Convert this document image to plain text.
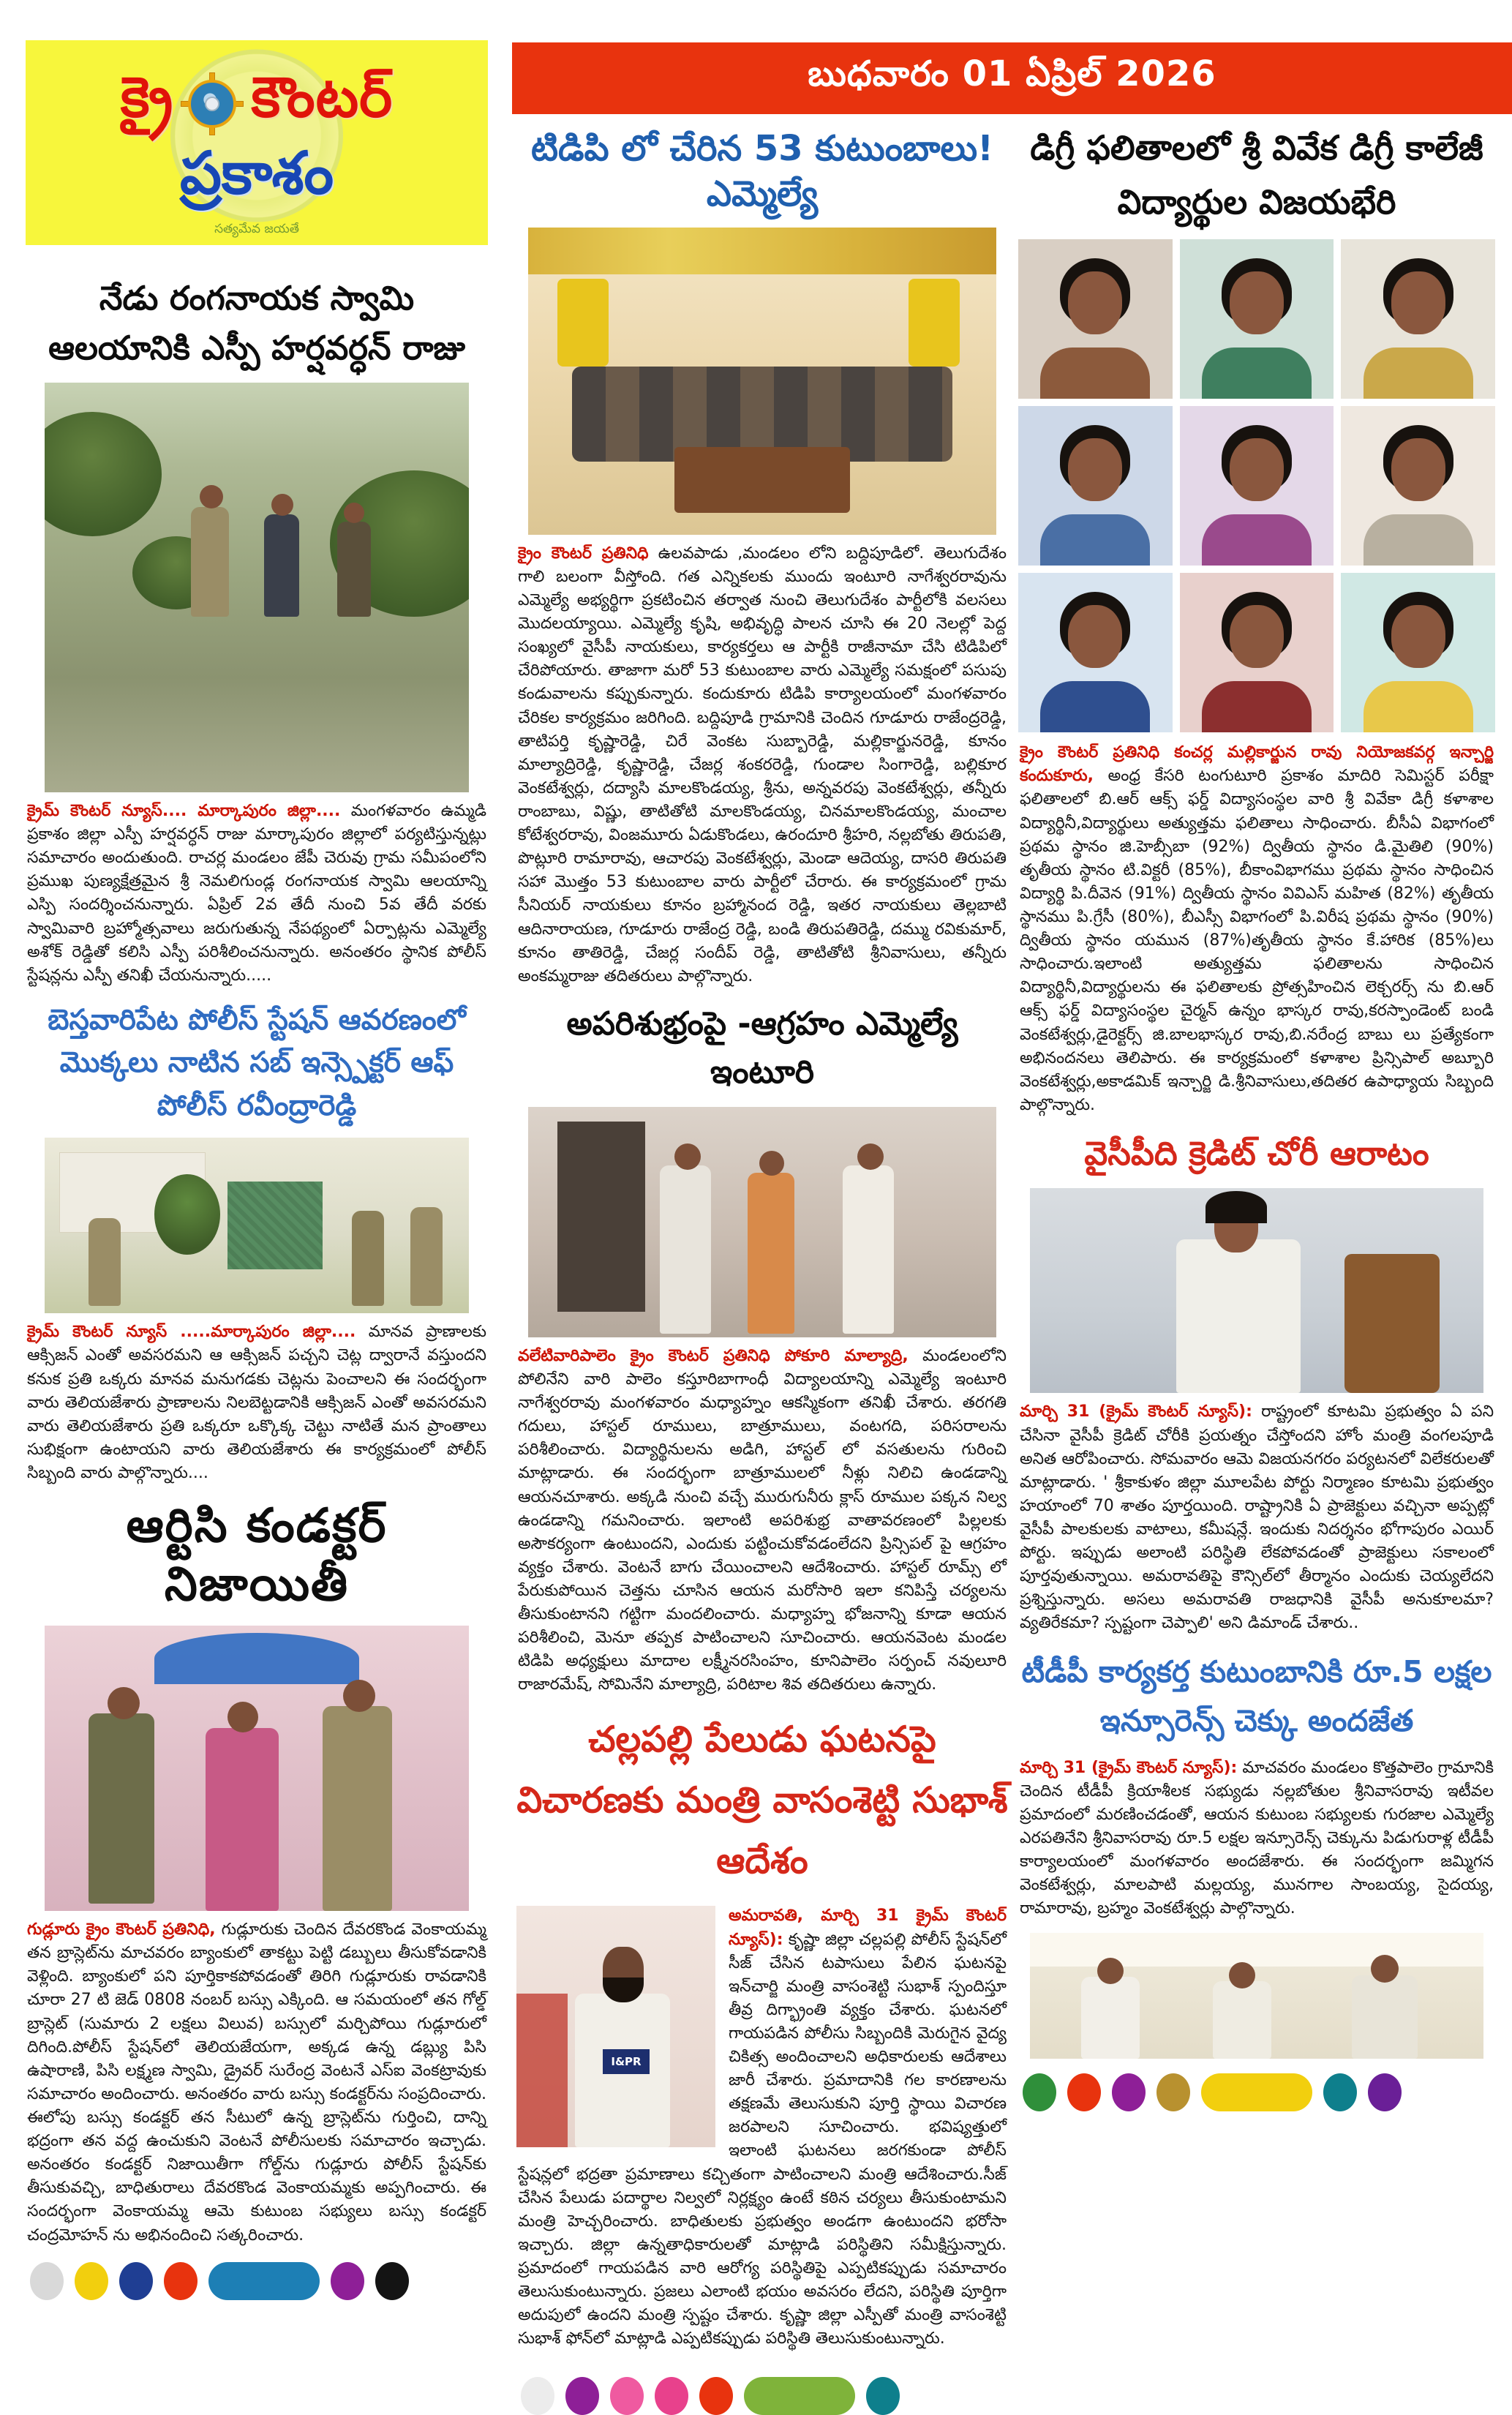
క్రై కౌంటర్
ప్రకాశం
సత్యమేవ జయతే
బుధవారం 01 ఏప్రిల్ 2026
నేడు రంగనాయక స్వామి ఆలయానికి ఎస్పీ హర్షవర్ధన్ రాజు

క్రైమ్ కౌంటర్ న్యూస్.... మార్కాపురం జిల్లా.... మంగళవారం ఉమ్మడి ప్రకాశం జిల్లా ఎస్పీ హర్షవర్ధన్ రాజు మార్కాపురం జిల్లాలో పర్యటిస్తున్నట్లు సమాచారం అందుతుంది. రాచర్ల మండలం జేపీ చెరువు గ్రామ సమీపంలోని ప్రముఖ పుణ్యక్షేత్రమైన శ్రీ నెమలిగుండ్ల రంగనాయక స్వామి ఆలయాన్ని ఎస్పి సందర్శించనున్నారు. ఏప్రిల్ 2వ తేదీ నుంచి 5వ తేదీ వరకు స్వామివారి బ్రహ్మోత్సవాలు జరుగుతున్న నేపథ్యంలో ఏర్పాట్లను ఎమ్మెల్యే అశోక్ రెడ్డితో కలిసి ఎస్పీ పరిశీలించనున్నారు. అనంతరం స్థానిక పోలీస్ స్టేషన్లను ఎస్పీ తనిఖీ చేయనున్నారు.....

బెస్తవారిపేట పోలీస్ స్టేషన్ ఆవరణంలో మొక్కలు నాటిన సబ్ ఇన్స్పెక్టర్ ఆఫ్ పోలీస్ రవీంద్రారెడ్డి

క్రైమ్ కౌంటర్ న్యూస్ .....మార్కాపురం జిల్లా.... మానవ ప్రాణాలకు ఆక్సిజన్ ఎంతో అవసరమని ఆ ఆక్సిజన్ పచ్చని చెట్ల ద్వారానే వస్తుందని కనుక ప్రతి ఒక్కరు మానవ మనుగడకు చెట్లను పెంచాలని ఈ సందర్భంగా వారు తెలియజేశారు ప్రాణాలను నిలబెట్టడానికి ఆక్సిజన్ ఎంతో అవసరమని వారు తెలియజేశారు ప్రతి ఒక్కరూ ఒక్కొక్క చెట్టు నాటితే మన ప్రాంతాలు సుభిక్షంగా ఉంటాయని వారు తెలియజేశారు ఈ కార్యక్రమంలో పోలీస్ సిబ్బంది వారు పాల్గొన్నారు....

ఆర్టిసి కండక్టర్ నిజాయితీ

గుడ్లూరు క్రైం కౌంటర్ ప్రతినిధి, గుడ్లూరుకు చెందిన దేవరకొండ వెంకాయమ్మ తన బ్రాస్లెట్‌ను మాచవరం బ్యాంకులో తాకట్టు పెట్టి డబ్బులు తీసుకోవడానికి వెళ్లింది. బ్యాంకులో పని పూర్తికాకపోవడంతో తిరిగి గుడ్లూరుకు రావడానికి చూరా 27 టి జెడ్ 0808 నంబర్ బస్సు ఎక్కింది. ఆ సమయంలో తన గోల్డ్ బ్రాస్లెట్ (సుమారు 2 లక్షలు విలువ) బస్సులో మర్చిపోయి గుడ్లూరులో దిగింది.పోలీస్ స్టేషన్‌లో తెలియజేయగా, అక్కడ ఉన్న డబ్ల్యు పిసి ఉషారాణి, పిసి లక్ష్మణ స్వామి, డ్రైవర్ సురేంద్ర వెంటనే ఎస్ఐ వెంకట్రావుకు సమాచారం అందించారు. అనంతరం వారు బస్సు కండక్టర్‌ను సంప్రదించారు. ఈలోపు బస్సు కండక్టర్ తన సీటులో ఉన్న బ్రాస్లెట్‌ను గుర్తించి, దాన్ని భద్రంగా తన వద్ద ఉంచుకుని వెంటనే పోలీసులకు సమాచారం ఇచ్చాడు. అనంతరం కండక్టర్ నిజాయితీగా గోల్డ్‌ను గుడ్లూరు పోలీస్ స్టేషన్‌కు తీసుకువచ్చి, బాధితురాలు దేవరకొండ వెంకాయమ్మకు అప్పగించారు. ఈ సందర్భంగా వెంకాయమ్మ ఆమె కుటుంబ సభ్యులు బస్సు కండక్టర్ చంద్రమోహన్ ను అభినందించి సత్కరించారు.

టిడిపి లో చేరిన 53 కుటుంబాలు!ఎమ్మెల్యే

క్రైం కౌంటర్ ప్రతినిధి ఉలవపాడు ,మండలం లోని బద్దిపూడిలో. తెలుగుదేశం గాలి బలంగా వీస్తోంది. గత ఎన్నికలకు ముందు ఇంటూరి నాగేశ్వరరావును ఎమ్మెల్యే అభ్యర్థిగా ప్రకటించిన తర్వాత నుంచి తెలుగుదేశం పార్టీలోకి వలసలు మొదలయ్యాయి. ఎమ్మెల్యే కృషి, అభివృద్ధి పాలన చూసి ఈ 20 నెలల్లో పెద్ద సంఖ్యలో వైసీపీ నాయకులు, కార్యకర్తలు ఆ పార్టీకి రాజీనామా చేసి టిడిపిలో చేరిపోయారు. తాజాగా మరో 53 కుటుంబాల వారు ఎమ్మెల్యే సమక్షంలో పసుపు కండువాలను కప్పుకున్నారు. కందుకూరు టిడిపి కార్యాలయంలో మంగళవారం చేరికల కార్యక్రమం జరిగింది. బద్దిపూడి గ్రామానికి చెందిన గూడూరు రాజేంద్రరెడ్డి, తాటిపర్తి కృష్ణారెడ్డి, చిరే వెంకట సుబ్బారెడ్డి, మల్లికార్జునరెడ్డి, కూనం మాల్యాద్రిరెడ్డి, కృష్ణారెడ్డి, చేజర్ల శంకరరెడ్డి, గుండాల సింగారెడ్డి, బల్లికూర వెంకటేశ్వర్లు, దద్యాసి మాలకొండయ్య, శ్రీను, అన్నవరపు వెంకటేశ్వర్లు, తన్నీరు రాంబాబు, విష్ణు, తాటితోటి మాలకొండయ్య, చినమాలకొండయ్య, మంచాల కోటేశ్వరరావు, వింజమూరు ఏడుకొండలు, ఉరందూరి శ్రీహరి, నల్లబోతు తిరుపతి, పొట్లూరి రామారావు, ఆచారపు వెంకటేశ్వర్లు, మెండా ఆదెయ్య, దాసరి తిరుపతి సహా మొత్తం 53 కుటుంబాల వారు పార్టీలో చేరారు. ఈ కార్యక్రమంలో గ్రామ సీనియర్ నాయకులు కూనం బ్రహ్మానంద రెడ్డి, ఇతర నాయకులు తెల్లబాటి ఆదినారాయణ, గూడూరు రాజేంద్ర రెడ్డి, బండి తిరుపతిరెడ్డి, దమ్ము రవికుమార్, కూనం తాతిరెడ్డి, చేజర్ల సందీప్ రెడ్డి, తాటితోటి శ్రీనివాసులు, తన్నీరు అంకమ్మరాజు తదితరులు పాల్గొన్నారు.

అపరిశుభ్రంపై -ఆగ్రహం ఎమ్మెల్యే ఇంటూరి

వలేటివారిపాలెం క్రైం కౌంటర్ ప్రతినిధి పోకూరి మాల్యాద్రి, మండలంలోని పోలినేని వారి పాలెం కస్తూరిబాగాంధీ విద్యాలయాన్ని ఎమ్మెల్యే ఇంటూరి నాగేశ్వరరావు మంగళవారం మధ్యాహ్నం ఆకస్మికంగా తనిఖీ చేశారు. తరగతి గదులు, హాస్టల్ రూములు, బాత్రూములు, వంటగది, పరిసరాలను పరిశీలించారు. విద్యార్థినులను అడిగి, హాస్టల్ లో వసతులను గురించి మాట్లాడారు. ఈ సందర్భంగా బాత్రూములలో నీళ్లు నిలిచి ఉండడాన్ని ఆయనచూశారు. అక్కడి నుంచి వచ్చే మురుగునీరు క్లాస్ రూముల పక్కన నిల్వ ఉండడాన్ని గమనించారు. ఇలాంటి అపరిశుభ్ర వాతావరణంలో పిల్లలకు అసౌకర్యంగా ఉంటుందని, ఎందుకు పట్టించుకోవడంలేదని ప్రిన్సిపల్ పై ఆగ్రహం వ్యక్తం చేశారు. వెంటనే బాగు చేయించాలని ఆదేశించారు. హాస్టల్ రూమ్స్ లో పేరుకుపోయిన చెత్తను చూసిన ఆయన మరోసారి ఇలా కనిపిస్తే చర్యలను తీసుకుంటానని గట్టిగా మందలించారు. మధ్యాహ్న భోజనాన్ని కూడా ఆయన పరిశీలించి, మెనూ తప్పక పాటించాలని సూచించారు. ఆయనవెంట మండల టిడిపి అధ్యక్షులు మాదాల లక్ష్మీనరసింహం, కూనిపాలెం సర్పంచ్ నవులూరి రాజారమేష్, సోమినేని మాల్యాద్రి, పరిటాల శివ తదితరులు ఉన్నారు.

చల్లపల్లి పేలుడు ఘటనపై విచారణకు మంత్రి వాసంశెట్టి సుభాశ్ ఆదేశం
I&PR

అమరావతి, మార్చి 31 క్రైమ్ కౌంటర్ న్యూస్): కృష్ణా జిల్లా చల్లపల్లి పోలీస్ స్టేషన్‌లో సీజ్ చేసిన టపాసులు పేలిన ఘటనపై ఇన్‌చార్జి మంత్రి వాసంశెట్టి సుభాశ్ స్పందిస్తూ తీవ్ర దిగ్భ్రాంతి వ్యక్తం చేశారు. ఘటనలో గాయపడిన పోలీసు సిబ్బందికి మెరుగైన వైద్య చికిత్స అందించాలని అధికారులకు ఆదేశాలు జారీ చేశారు. ప్రమాదానికి గల కారణాలను తక్షణమే తెలుసుకుని పూర్తి స్థాయి విచారణ జరపాలని సూచించారు. భవిష్యత్తులో ఇలాంటి ఘటనలు జరగకుండా పోలీస్ స్టేషన్లలో భద్రతా ప్రమాణాలు కచ్చితంగా పాటించాలని మంత్రి ఆదేశించారు.సీజ్ చేసిన పేలుడు పదార్థాల నిల్వలో నిర్లక్ష్యం ఉంటే కఠిన చర్యలు తీసుకుంటామని మంత్రి హెచ్చరించారు. బాధితులకు ప్రభుత్వం అండగా ఉంటుందని భరోసా ఇచ్చారు. జిల్లా ఉన్నతాధికారులతో మాట్లాడి పరిస్థితిని సమీక్షిస్తున్నారు. ప్రమాదంలో గాయపడిన వారి ఆరోగ్య పరిస్థితిపై ఎప్పటికప్పుడు సమాచారం తెలుసుకుంటున్నారు. ప్రజలు ఎలాంటి భయం అవసరం లేదని, పరిస్థితి పూర్తిగా అదుపులో ఉందని మంత్రి స్పష్టం చేశారు. కృష్ణా జిల్లా ఎస్పీతో మంత్రి వాసంశెట్టి సుభాశ్ ఫోన్‌లో మాట్లాడి ఎప్పటికప్పుడు పరిస్థితి తెలుసుకుంటున్నారు.

డిగ్రీ ఫలితాలలో శ్రీ వివేక డిగ్రీ కాలేజీ విద్యార్థుల విజయభేరి

క్రైం కౌంటర్ ప్రతినిధి కంచర్ల మల్లికార్జున రావు నియోజకవర్గ ఇన్చార్జి కందుకూరు, అంధ్ర కేసరి టంగుటూరి ప్రకాశం మాదిరి సెమిస్టర్ పరీక్షా ఫలితాలలో బి.ఆర్ ఆక్స్ ఫర్డ్ విద్యాసంస్థల వారి శ్రీ వివేకా డిగ్రీ కళాశాల విద్యార్థినీ,విద్యార్థులు అత్యుత్తమ ఫలితాలు సాధించారు. బీసీఏ విభాగంలో ప్రథమ స్థానం జి.హెబ్సీబా (92%) ద్వితీయ స్థానం డి.మైతిలి (90%) తృతీయ స్థానం టి.విక్టరీ (85%), బీకాంవిభాగము ప్రథమ స్థానం సాధించిన విద్యార్థి పి.దీవెన (91%) ద్వితీయ స్థానం వివిఎస్ మహిత (82%) తృతీయ స్థానము పి.గ్రేసీ (80%), బీఎస్సీ విభాగంలో పి.విరీష ప్రథమ స్థానం (90%) ద్వితీయ స్థానం యమున (87%)తృతీయ స్థానం కే.హారిక (85%)లు సాధించారు.ఇలాంటి అత్యుత్తమ ఫలితాలను సాధించిన విద్యార్థినీ,విద్యార్థులను ఈ ఫలితాలకు ప్రోత్సహించిన లెక్చరర్స్ ను బి.ఆర్ ఆక్స్ ఫర్డ్ విద్యాసంస్థల చైర్మన్ ఉన్నం భాస్కర రావు,కరస్పాండెంట్ బండి వెంకటేశ్వర్లు,డైరెక్టర్స్ జి.బాలభాస్కర రావు,బి.నరేంద్ర బాబు లు ప్రత్యేకంగా అభినందనలు తెలిపారు. ఈ కార్యక్రమంలో కళాశాల ప్రిన్సిపాల్ అబ్బూరి వెంకటేశ్వర్లు,అకాడమిక్ ఇన్చార్జి డి.శ్రీనివాసులు,తదితర ఉపాధ్యాయ సిబ్బంది పాల్గొన్నారు.

వైసీపీది క్రెడిట్ చోరీ ఆరాటం

మార్చి 31 (క్రైమ్ కౌంటర్ న్యూస్): రాష్ట్రంలో కూటమి ప్రభుత్వం ఏ పని చేసినా వైసీపీ క్రెడిట్ చోరీకి ప్రయత్నం చేస్తోందని హోం మంత్రి వంగలపూడి అనిత ఆరోపించారు. సోమవారం ఆమె విజయనగరం పర్యటనలో విలేకరులతో మాట్లాడారు. ' శ్రీకాకుళం జిల్లా మూలపేట పోర్టు నిర్మాణం కూటమి ప్రభుత్వం హయాంలో 70 శాతం పూర్తయింది. రాష్ట్రానికి ఏ ప్రాజెక్టులు వచ్చినా అప్పట్లో వైసీపీ పాలకులకు వాటాలు, కమీషన్లే. ఇందుకు నిదర్శనం భోగాపురం ఎయిర్ పోర్టు. ఇప్పుడు అలాంటి పరిస్థితి లేకపోవడంతో ప్రాజెక్టులు సకాలంలో పూర్తవుతున్నాయి. అమరావతిపై కౌన్సిల్‌లో తీర్మానం ఎందుకు చెయ్యలేదని ప్రశ్నిస్తున్నారు. అసలు అమరావతి రాజధానికి వైసీపీ అనుకూలమా? వ్యతిరేకమా? స్పష్టంగా చెప్పాలి' అని డిమాండ్ చేశారు..

టీడీపీ కార్యకర్త కుటుంబానికి రూ.5 లక్షల ఇన్సూరెన్స్ చెక్కు అందజేత

మార్చి 31 (క్రైమ్ కౌంటర్ న్యూస్): మాచవరం మండలం కొత్తపాలెం గ్రామానికి చెందిన టీడీపీ క్రియాశీలక సభ్యుడు నల్లబోతుల శ్రీనివాసరావు ఇటీవల ప్రమాదంలో మరణించడంతో, ఆయన కుటుంబ సభ్యులకు గురజాల ఎమ్మెల్యే ఎరపతినేని శ్రీనివాసరావు రూ.5 లక్షల ఇన్సూరెన్స్ చెక్కును పిడుగురాళ్ల టీడీపీ కార్యాలయంలో మంగళవారం అందజేశారు. ఈ సందర్భంగా జమ్మిగన వెంకటేశ్వర్లు, మాలపాటి మల్లయ్య, మునగాల సాంబయ్య, సైదయ్య, రామారావు, బ్రహ్మం వెంకటేశ్వర్లు పాల్గొన్నారు.
